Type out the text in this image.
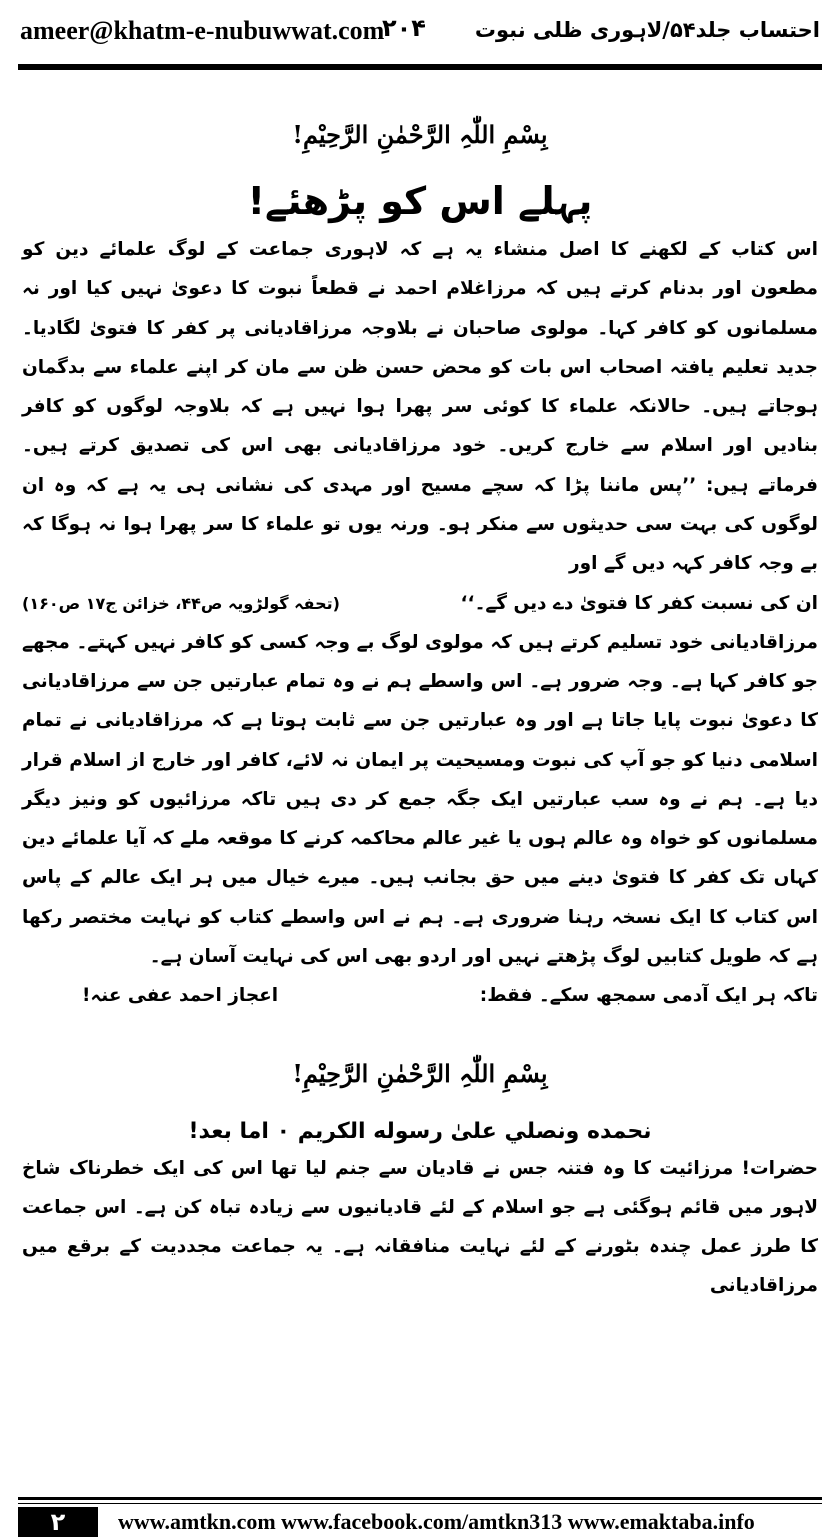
ameer@khatm-e-nubuwwat.com
۲۰۴ احتساب جلد۵۴/لاہوری ظلی نبوت
بِسْمِ اللّٰہِ الرَّحْمٰنِ الرَّحِیْمِ!
پہلے اس کو پڑھئے!

اس کتاب کے لکھنے کا اصل منشاء یہ ہے کہ لاہوری جماعت کے لوگ علمائے دین کو مطعون اور بدنام کرتے ہیں کہ مرزاغلام احمد نے قطعاً نبوت کا دعویٰ نہیں کیا اور نہ مسلمانوں کو کافر کہا۔ مولوی صاحبان نے بلاوجہ مرزاقادیانی پر کفر کا فتویٰ لگادیا۔ جدید تعلیم یافتہ اصحاب اس بات کو محض حسن ظن سے مان کر اپنے علماء سے بدگمان ہوجاتے ہیں۔ حالانکہ علماء کا کوئی سر پھرا ہوا نہیں ہے کہ بلاوجہ لوگوں کو کافر بنادیں اور اسلام سے خارج کریں۔ خود مرزاقادیانی بھی اس کی تصدیق کرتے ہیں۔ فرماتے ہیں: ’’پس ماننا پڑا کہ سچے مسیح اور مہدی کی نشانی ہی یہ ہے کہ وہ ان لوگوں کی بہت سی حدیثوں سے منکر ہو۔ ورنہ یوں تو علماء کا سر پھرا ہوا نہ ہوگا کہ بے وجہ کافر کہہ دیں گے اور

ان کی نسبت کفر کا فتویٰ دے دیں گے۔‘‘
(تحفہ گولڑویہ ص۴۴، خزائن ج۱۷ ص۱۶۰)

مرزاقادیانی خود تسلیم کرتے ہیں کہ مولوی لوگ بے وجہ کسی کو کافر نہیں کہتے۔ مجھے جو کافر کہا ہے۔ وجہ ضرور ہے۔ اس واسطے ہم نے وہ تمام عبارتیں جن سے مرزاقادیانی کا دعویٰ نبوت پایا جاتا ہے اور وہ عبارتیں جن سے ثابت ہوتا ہے کہ مرزاقادیانی نے تمام اسلامی دنیا کو جو آپ کی نبوت ومسیحیت پر ایمان نہ لائے، کافر اور خارج از اسلام قرار دیا ہے۔ ہم نے وہ سب عبارتیں ایک جگہ جمع کر دی ہیں تاکہ مرزائیوں کو ونیز دیگر مسلمانوں کو خواہ وہ عالم ہوں یا غیر عالم محاکمہ کرنے کا موقعہ ملے کہ آیا علمائے دین کہاں تک کفر کا فتویٰ دینے میں حق بجانب ہیں۔ میرے خیال میں ہر ایک عالم کے پاس اس کتاب کا ایک نسخہ رہنا ضروری ہے۔ ہم نے اس واسطے کتاب کو نہایت مختصر رکھا ہے کہ طویل کتابیں لوگ پڑھتے نہیں اور اردو بھی اس کی نہایت آسان ہے۔

تاکہ ہر ایک آدمی سمجھ سکے۔ فقط:
اعجاز احمد عفی عنہ!
بِسْمِ اللّٰہِ الرَّحْمٰنِ الرَّحِیْمِ!
نحمده ونصلي علىٰ رسوله الكريم ۰ اما بعد!

حضرات! مرزائیت کا وہ فتنہ جس نے قادیان سے جنم لیا تھا اس کی ایک خطرناک شاخ لاہور میں قائم ہوگئی ہے جو اسلام کے لئے قادیانیوں سے زیادہ تباہ کن ہے۔ اس جماعت کا طرز عمل چندہ بٹورنے کے لئے نہایت منافقانہ ہے۔ یہ جماعت مجددیت کے برقع میں مرزاقادیانی

۲	www.amtkn.com www.facebook.com/amtkn313 www.emaktaba.info
